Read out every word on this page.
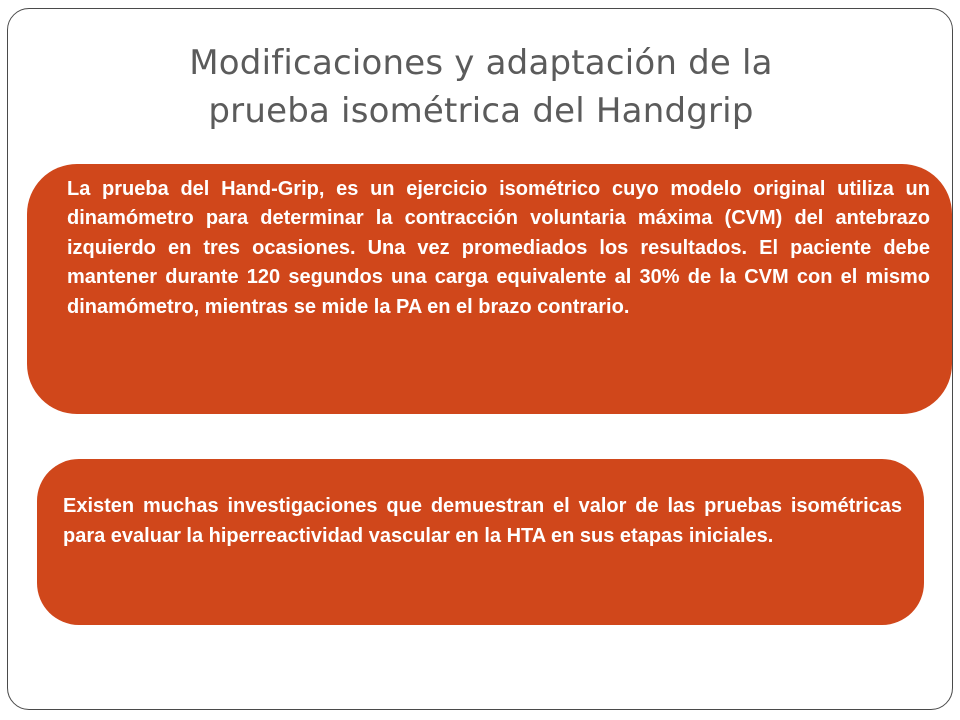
Modificaciones y adaptación de la
prueba isométrica del Handgrip
La prueba del Hand-Grip, es un ejercicio isométrico cuyo modelo original utiliza un dinamómetro para determinar la contracción voluntaria máxima (CVM) del antebrazo izquierdo en tres ocasiones. Una vez promediados los resultados. El paciente debe mantener durante 120 segundos una carga equivalente al 30% de la CVM con el mismo dinamómetro, mientras se mide la PA en el brazo contrario.
Existen muchas investigaciones que demuestran el valor de las pruebas isométricas para evaluar la hiperreactividad vascular en la HTA en sus etapas iniciales.
